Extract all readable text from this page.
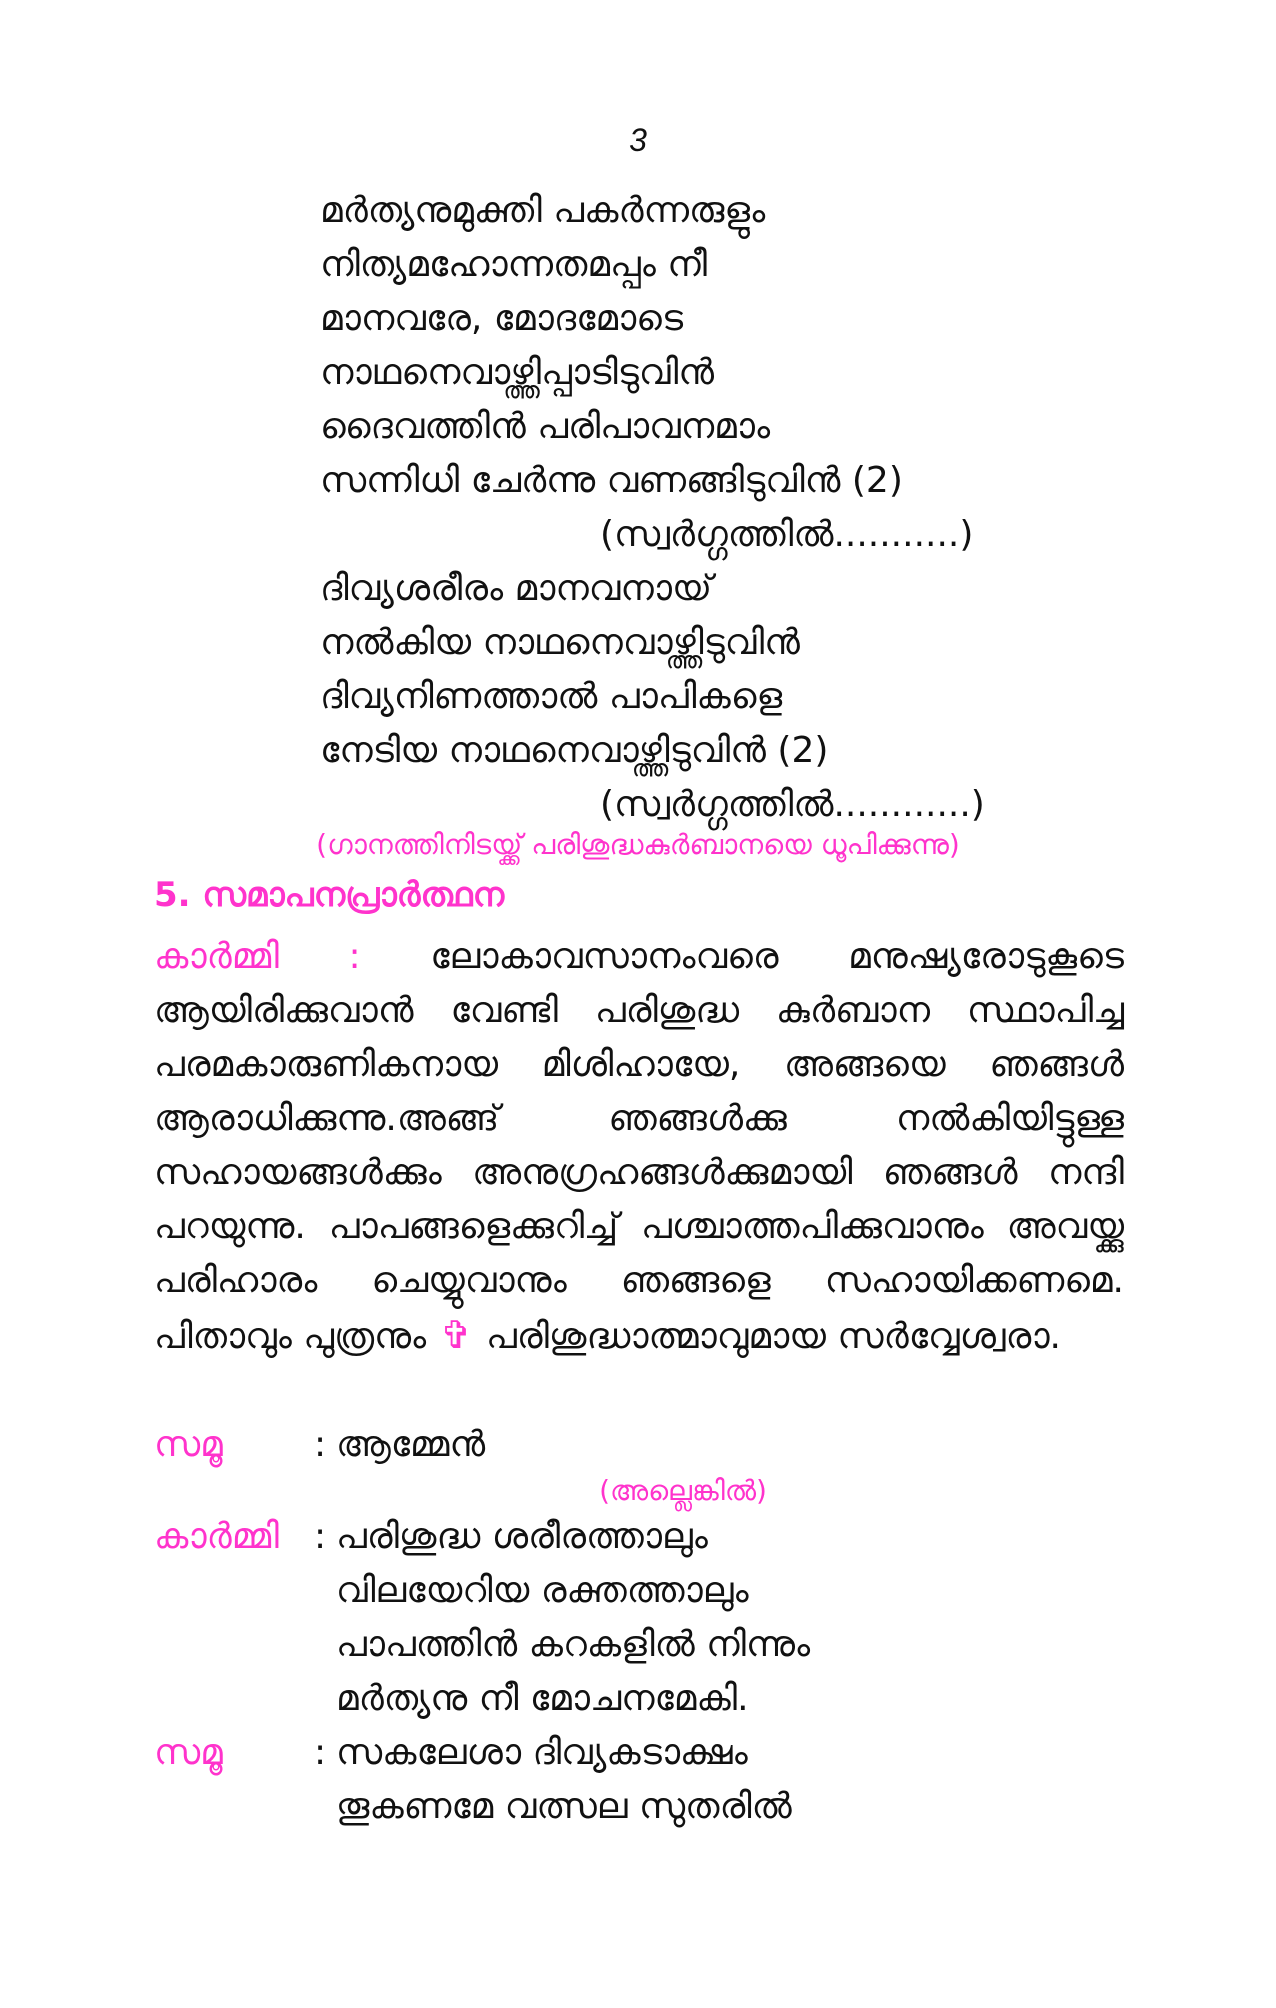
3
മർത്യനുമുക്തി പകർന്നരുളും
നിത്യമഹോന്നതമപ്പം നീ
മാനവരേ, മോദമോടെ
നാഥനെവാഴ്ത്തിപ്പാടിടുവിൻ
ദൈവത്തിൻ പരിപാവനമാം
സന്നിധി ചേർന്നു വണങ്ങിടുവിൻ (2)
(സ്വർഗ്ഗത്തിൽ...........)
ദിവ്യശരീരം മാനവനായ്
നൽകിയ നാഥനെവാഴ്ത്തിടുവിൻ
ദിവ്യനിണത്താൽ പാപികളെ
നേടിയ നാഥനെവാഴ്ത്തിടുവിൻ (2)
(സ്വർഗ്ഗത്തിൽ............)
(ഗാനത്തിനിടയ്ക്ക് പരിശുദ്ധകുർബാനയെ ധൂപിക്കുന്നു)
5. സമാപനപ്രാർത്ഥന
കാർമ്മി : ലോകാവസാനംവരെ മനുഷ്യരോടുകൂടെ ആയിരിക്കുവാൻ വേണ്ടി പരിശുദ്ധ കുർബാന സ്ഥാപിച്ച പരമകാരുണികനായ മിശിഹായേ, അങ്ങയെ ഞങ്ങൾ ആരാധിക്കുന്നു.അങ്ങ് ഞങ്ങൾക്കു നൽകിയിട്ടുള്ള സഹായങ്ങൾക്കും അനുഗ്രഹങ്ങൾക്കുമായി ഞങ്ങൾ നന്ദി പറയുന്നു. പാപങ്ങളെക്കുറിച്ച് പശ്ചാത്തപിക്കുവാനും അവയ്ക്കു പരിഹാരം ചെയ്യുവാനും ഞങ്ങളെ സഹായിക്കണമെ. പിതാവും പുത്രനും ✞ പരിശുദ്ധാത്മാവുമായ സർവ്വേശ്വരാ.
സമൂ	: ആമ്മേൻ
(അല്ലെങ്കിൽ)
കാർമ്മി : പരിശുദ്ധ ശരീരത്താലും
വിലയേറിയ രക്തത്താലും
പാപത്തിൻ കറകളിൽ നിന്നും
മർത്യനു നീ മോചനമേകി.
സമൂ	: സകലേശാ ദിവ്യകടാക്ഷം
തൂകണമേ വത്സല സുതരിൽ
